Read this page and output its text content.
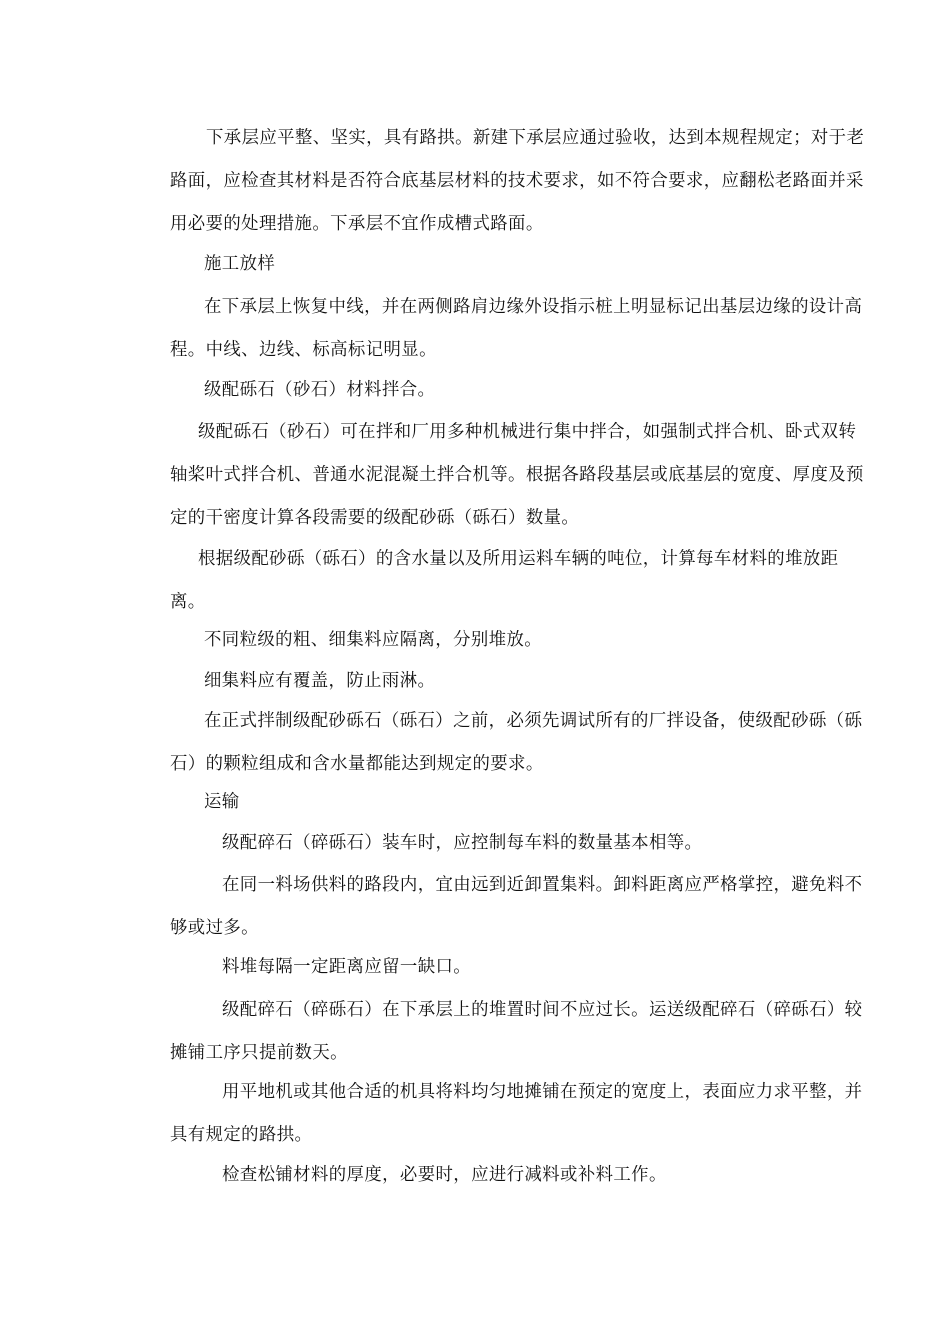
下承层应平整、坚实，具有路拱。新建下承层应通过验收，达到本规程规定；对于老路面，应检查其材料是否符合底基层材料的技术要求，如不符合要求，应翻松老路面并采用必要的处理措施。下承层不宜作成槽式路面。

施工放样

在下承层上恢复中线，并在两侧路肩边缘外设指示桩上明显标记出基层边缘的设计高程。中线、边线、标高标记明显。

级配砾石（砂石）材料拌合。

级配砾石（砂石）可在拌和厂用多种机械进行集中拌合，如强制式拌合机、卧式双转轴桨叶式拌合机、普通水泥混凝土拌合机等。根据各路段基层或底基层的宽度、厚度及预定的干密度计算各段需要的级配砂砾（砾石）数量。

根据级配砂砾（砾石）的含水量以及所用运料车辆的吨位，计算每车材料的堆放距离。

不同粒级的粗、细集料应隔离，分别堆放。

细集料应有覆盖，防止雨淋。

在正式拌制级配砂砾石（砾石）之前，必须先调试所有的厂拌设备，使级配砂砾（砾石）的颗粒组成和含水量都能达到规定的要求。

运输

级配碎石（碎砾石）装车时，应控制每车料的数量基本相等。

在同一料场供料的路段内，宜由远到近卸置集料。卸料距离应严格掌控，避免料不够或过多。

料堆每隔一定距离应留一缺口。

级配碎石（碎砾石）在下承层上的堆置时间不应过长。运送级配碎石（碎砾石）较摊铺工序只提前数天。

用平地机或其他合适的机具将料均匀地摊铺在预定的宽度上，表面应力求平整，并具有规定的路拱。

检查松铺材料的厚度，必要时，应进行减料或补料工作。
